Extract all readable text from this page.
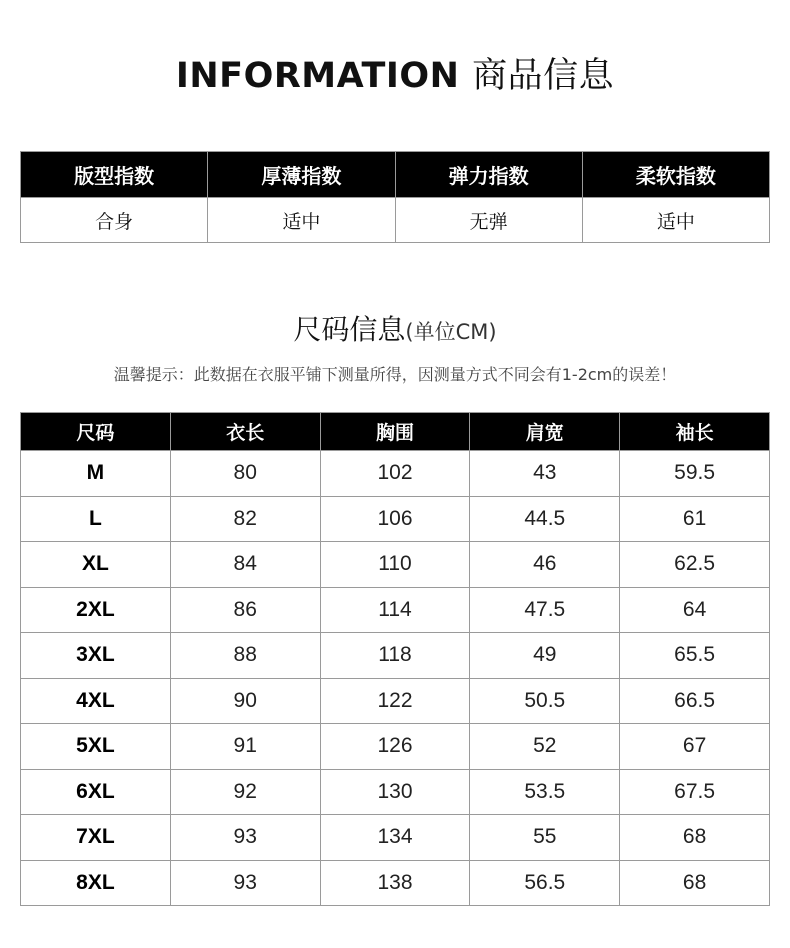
INFORMATION 商品信息
版型指数	厚薄指数	弹力指数	柔软指数
合身	适中	无弹	适中
尺码信息(单位CM)
温馨提示：此数据在衣服平铺下测量所得，因测量方式不同会有1-2cm的误差！
尺码	衣长	胸围	肩宽	袖长
M	80	102	43	59.5
L	82	106	44.5	61
XL	84	110	46	62.5
2XL	86	114	47.5	64
3XL	88	118	49	65.5
4XL	90	122	50.5	66.5
5XL	91	126	52	67
6XL	92	130	53.5	67.5
7XL	93	134	55	68
8XL	93	138	56.5	68
